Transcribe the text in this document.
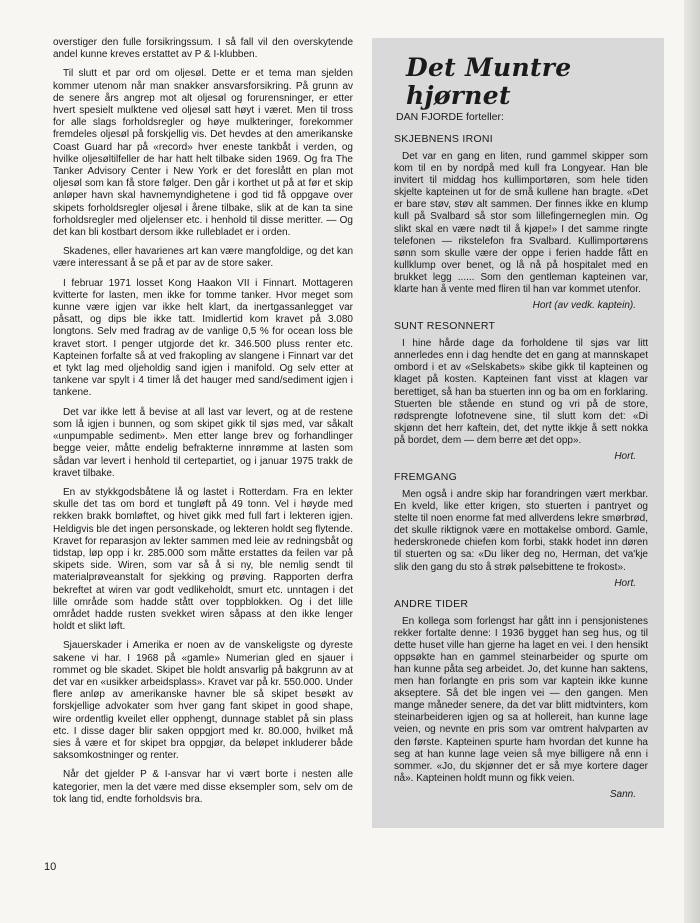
overstiger den fulle forsikringssum. I så fall vil den overskytende andel kunne kreves erstattet av P & I-klubben.

Til slutt et par ord om oljesøl. Dette er et tema man sjelden kommer utenom når man snakker ansvarsforsikring. På grunn av de senere års angrep mot alt oljesøl og forurensninger, er etter hvert spesielt mulktene ved oljesøl satt høyt i været. Men til tross for alle slags forholdsregler og høye mulkteringer, forekommer fremdeles oljesøl på forskjellig vis. Det hevdes at den amerikanske Coast Guard har på «record» hver eneste tankbåt i verden, og hvilke oljesøltilfeller de har hatt helt tilbake siden 1969. Og fra The Tanker Advisory Center i New York er det foreslått en plan mot oljesøl som kan få store følger. Den går i korthet ut på at før et skip anløper havn skal havnemyndighetene i god tid få oppgave over skipets forholdsregler oljesøl i årene tilbake, slik at de kan ta sine forholdsregler med oljelenser etc. i henhold til disse meritter. — Og det kan bli kostbart dersom ikke rullebladet er i orden.

Skadenes, eller havarienes art kan være mangfoldige, og det kan være interessant å se på et par av de store saker.

I februar 1971 losset Kong Haakon VII i Finnart. Mottageren kvitterte for lasten, men ikke for tomme tanker. Hvor meget som kunne være igjen var ikke helt klart, da inertgassanlegget var påsatt, og dips ble ikke tatt. Imidlertid kom kravet på 3.080 longtons. Selv med fradrag av de vanlige 0,5 % for ocean loss ble kravet stort. I penger utgjorde det kr. 346.500 pluss renter etc. Kapteinen forfalte så at ved frakopling av slangene i Finnart var det et tykt lag med oljeholdig sand igjen i manifold. Og selv etter at tankene var spylt i 4 timer lå det hauger med sand/sediment igjen i tankene.

Det var ikke lett å bevise at all last var levert, og at de restene som lå igjen i bunnen, og som skipet gikk til sjøs med, var såkalt «unpumpable sediment». Men etter lange brev og forhandlinger begge veier, måtte endelig befrakterne innrømme at lasten som sådan var levert i henhold til certepartiet, og i januar 1975 trakk de kravet tilbake.

En av stykkgodsbåtene lå og lastet i Rotterdam. Fra en lekter skulle det tas om bord et tungløft på 49 tonn. Vel i høyde med rekken brakk bomløftet, og hivet gikk med full fart i lekteren igjen. Heldigvis ble det ingen personskade, og lekteren holdt seg flytende. Kravet for reparasjon av lekter sammen med leie av redningsbåt og tidstap, løp opp i kr. 285.000 som måtte erstattes da feilen var på skipets side. Wiren, som var så å si ny, ble nemlig sendt til materialprøveanstalt for sjekking og prøving. Rapporten derfra bekreftet at wiren var godt vedlikeholdt, smurt etc. unntagen i det lille område som hadde stått over toppblokken. Og i det lille området hadde rusten svekket wiren såpass at den ikke lenger holdt et slikt løft.

Sjauerskader i Amerika er noen av de vanskeligste og dyreste sakene vi har. I 1968 på «gamle» Numerian gled en sjauer i rommet og ble skadet. Skipet ble holdt ansvarlig på bakgrunn av at det var en «usikker arbeidsplass». Kravet var på kr. 550.000. Under flere anløp av amerikanske havner ble så skipet besøkt av forskjellige advokater som hver gang fant skipet in good shape, wire ordentlig kveilet eller opphengt, dunnage stablet på sin plass etc. I disse dager blir saken oppgjort med kr. 80.000, hvilket må sies å være et for skipet bra oppgjør, da beløpet inkluderer både saksomkostninger og renter.

Når det gjelder P & I-ansvar har vi vært borte i nesten alle kategorier, men la det være med disse eksempler som, selv om de tok lang tid, endte forholdsvis bra.

Det Muntre hjørnet
DAN FJORDE forteller:
SKJEBNENS IRONI

Det var en gang en liten, rund gammel skipper som kom til en by nordpå med kull fra Longyear. Han ble invitert til middag hos kullimportøren, som hele tiden skjelte kapteinen ut for de små kullene han bragte. «Det er bare støv, støv alt sammen. Der finnes ikke en klump kull på Svalbard så stor som lillefingerneglen min. Og slikt skal en være nødt til å kjøpe!» I det samme ringte telefonen — rikstelefon fra Svalbard. Kullimportørens sønn som skulle være der oppe i ferien hadde fått en kullklump over benet, og lå nå på hospitalet med en brukket legg ...... Som den gentleman kapteinen var, klarte han å vente med fliren til han var kommet utenfor.

Hort (av vedk. kaptein).
SUNT RESONNERT

I hine hårde dage da forholdene til sjøs var litt annerledes enn i dag hendte det en gang at mannskapet ombord i et av «Selskabets» skibe gikk til kapteinen og klaget på kosten. Kapteinen fant visst at klagen var berettiget, så han ba stuerten inn og ba om en forklaring. Stuerten ble stående en stund og vri på de store, rødsprengte lofotnevene sine, til slutt kom det: «Di skjønn det herr kaftein, det, det nytte ikkje å sett nokka på bordet, dem — dem berre æt det opp».

Hort.
FREMGANG

Men også i andre skip har forandringen vært merkbar. En kveld, like etter krigen, sto stuerten i pantryet og stelte til noen enorme fat med allverdens lekre smørbrød, det skulle riktignok være en mottakelse ombord. Gamle, hederskronede chiefen kom forbi, stakk hodet inn døren til stuerten og sa: «Du liker deg no, Herman, det va'kje slik den gang du sto å strøk pølsebittene te frokost».

Hort.
ANDRE TIDER

En kollega som forlengst har gått inn i pensjonistenes rekker fortalte denne: I 1936 bygget han seg hus, og til dette huset ville han gjerne ha laget en vei. I den hensikt oppsøkte han en gammel steinarbeider og spurte om han kunne påta seg arbeidet. Jo, det kunne han saktens, men han forlangte en pris som var kaptein ikke kunne akseptere. Så det ble ingen vei — den gangen. Men mange måneder senere, da det var blitt midtvinters, kom steinarbeideren igjen og sa at hollereit, han kunne lage veien, og nevnte en pris som var omtrent halvparten av den første. Kapteinen spurte ham hvordan det kunne ha seg at han kunne lage veien så mye billigere nå enn i sommer. «Jo, du skjønner det er så mye kortere dager nå». Kapteinen holdt munn og fikk veien.

Sann.
10
